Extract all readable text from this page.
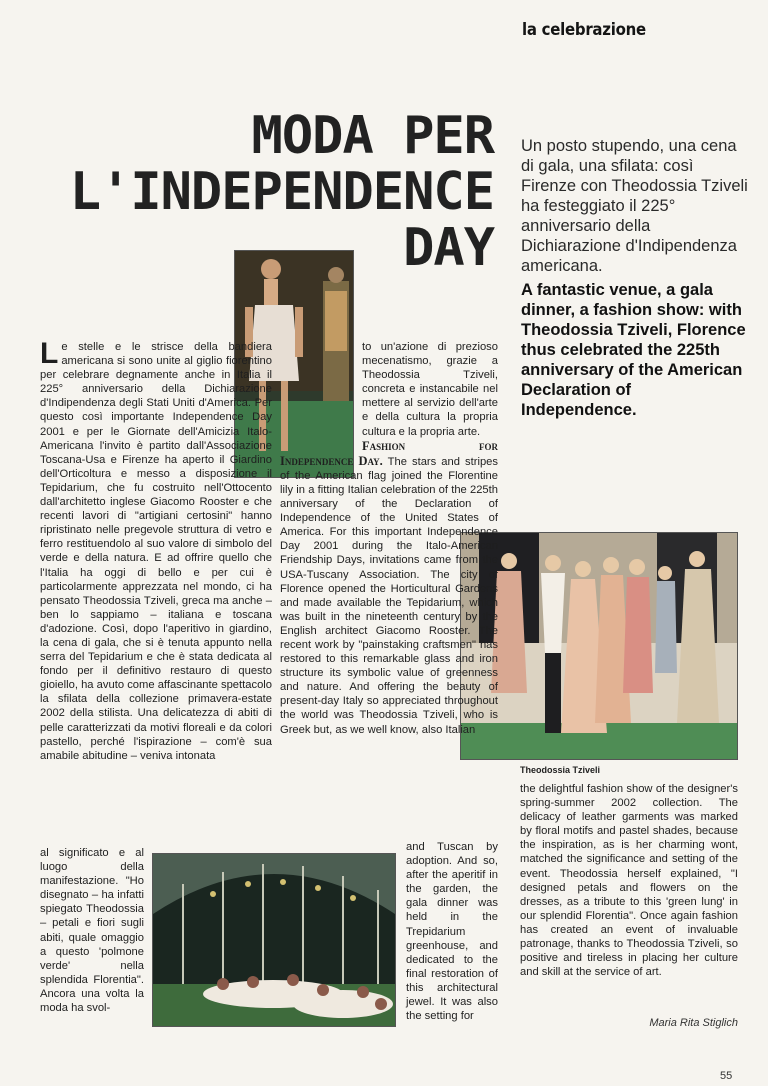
la celebrazione
MODA PER
L'INDEPENDENCE
DAY
Un posto stupendo, una cena di gala, una sfilata: così Firenze con Theodossia Tziveli ha festeggiato il 225° anniversario della Dichiarazione d'Indipendenza americana.
A fantastic venue, a gala dinner, a fashion show: with Theodossia Tziveli, Florence thus celebrated the 225th anniversary of the American Declaration of Independence.
Le stelle e le strisce della bandiera americana si sono unite al giglio fiorentino per celebrare degnamente anche in Italia il 225° anniversario della Dichiarazione d'Indipendenza degli Stati Uniti d'America. Per questo così importante Independence Day 2001 e per le Giornate dell'Amicizia Italo-Americana l'invito è partito dall'Associazione Toscana-Usa e Firenze ha aperto il Giardino dell'Orticoltura e messo a disposizione il Tepidarium, che fu costruito nell'Ottocento dall'architetto inglese Giacomo Rooster e che recenti lavori di "artigiani certosini" hanno ripristinato nelle pregevole struttura di vetro e ferro restituendolo al suo valore di simbolo del verde e della natura. E ad offrire quello che l'Italia ha oggi di bello e per cui è particolarmente apprezzata nel mondo, ci ha pensato Theodossia Tziveli, greca ma anche – ben lo sappiamo – italiana e toscana d'adozione. Così, dopo l'aperitivo in giardino, la cena di gala, che si è tenuta appunto nella serra del Tepidarium e che è stata dedicata al fondo per il definitivo restauro di questo gioiello, ha avuto come affascinante spettacolo la sfilata della collezione primavera-estate 2002 della stilista. Una delicatezza di abiti di pelle caratterizzati da motivi floreali e da colori pastello, perché l'ispirazione – com'è sua amabile abitudine – veniva intonata
al significato e al luogo della manifestazione. "Ho disegnato – ha infatti spiegato Theodossia – petali e fiori sugli abiti, quale omaggio a questo 'polmone verde' nella splendida Florentia". Ancora una volta la moda ha svol-
to un'azione di prezioso mecenatismo, grazie a Theodossia Tziveli, concreta e instancabile nel mettere al servizio dell'arte e della cultura la propria cultura e la propria arte.
Fashion for Independence Day. The stars and stripes of the American flag joined the Florentine lily in a fitting Italian celebration of the 225th anniversary of the Declaration of Independence of the United States of America. For this important Independence Day 2001 during the Italo-American Friendship Days, invitations came from the USA-Tuscany Association. The city of Florence opened the Horticultural Gardens and made available the Tepidarium, which was built in the nineteenth century by the English architect Giacomo Rooster. The recent work by "painstaking craftsmen" has restored to this remarkable glass and iron structure its symbolic value of greenness and nature. And offering the beauty of present-day Italy so appreciated throughout the world was Theodossia Tziveli, who is Greek but, as we well know, also Italian
and Tuscan by adoption. And so, after the aperitif in the garden, the gala dinner was held in the Trepidarium greenhouse, and dedicated to the final restoration of this architectural jewel. It was also the setting for
the delightful fashion show of the designer's spring-summer 2002 collection. The delicacy of leather garments was marked by floral motifs and pastel shades, because the inspiration, as is her charming wont, matched the significance and setting of the event. Theodossia herself explained, "I designed petals and flowers on the dresses, as a tribute to this 'green lung' in our splendid Florentia". Once again fashion has created an event of invaluable patronage, thanks to Theodossia Tziveli, so positive and tireless in placing her culture and skill at the service of art.
Theodossia Tziveli
Maria Rita Stiglich
55
